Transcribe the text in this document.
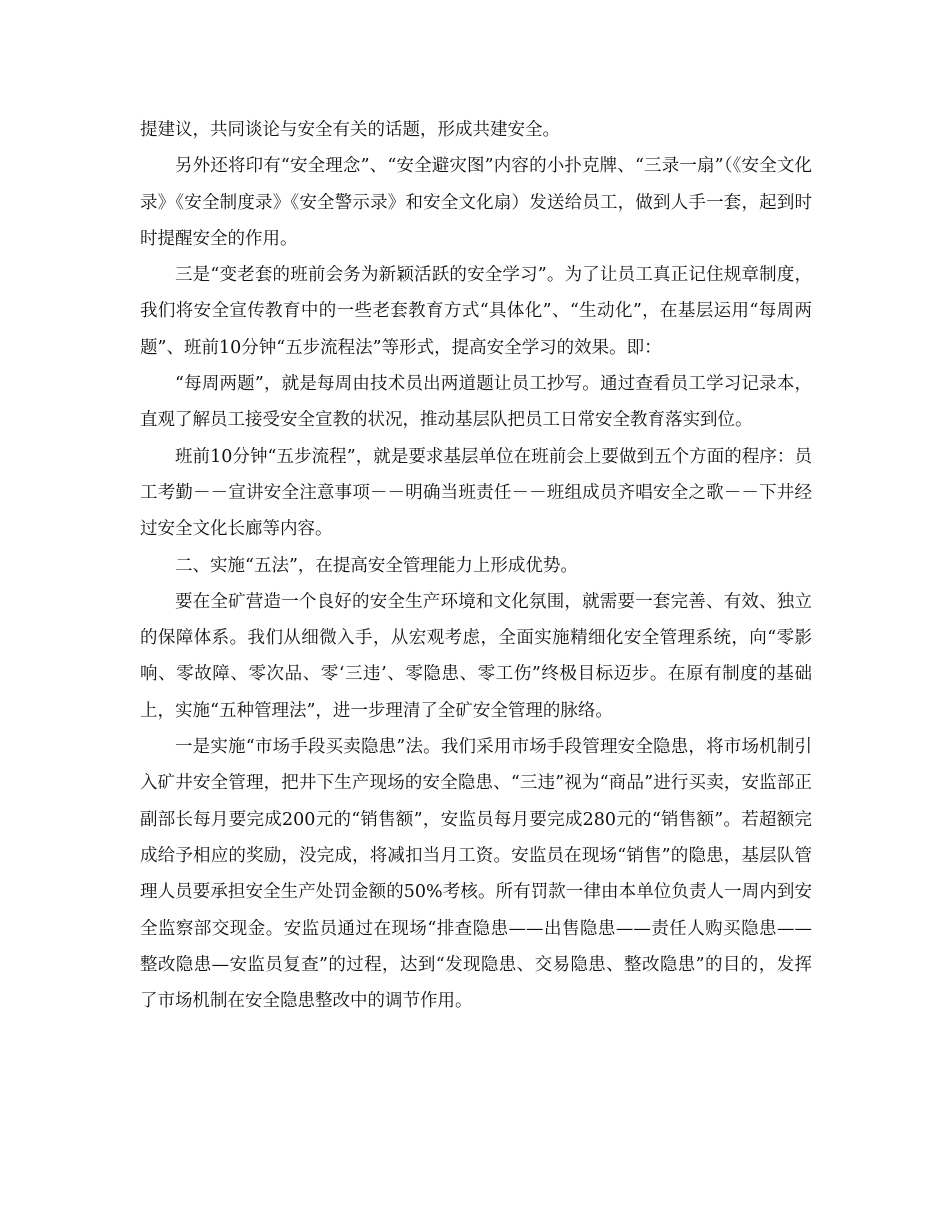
提建议，共同谈论与安全有关的话题，形成共建安全。

另外还将印有“安全理念”、“安全避灾图”内容的小扑克牌、“三录一扇”（《安全文化录》《安全制度录》《安全警示录》和安全文化扇）发送给员工，做到人手一套，起到时时提醒安全的作用。

三是“变老套的班前会务为新颖活跃的安全学习”。为了让员工真正记住规章制度，我们将安全宣传教育中的一些老套教育方式“具体化”、“生动化”，在基层运用“每周两题”、班前10分钟“五步流程法”等形式，提高安全学习的效果。即：

“每周两题”，就是每周由技术员出两道题让员工抄写。通过查看员工学习记录本，直观了解员工接受安全宣教的状况，推动基层队把员工日常安全教育落实到位。

班前10分钟“五步流程”，就是要求基层单位在班前会上要做到五个方面的程序：员工考勤－－宣讲安全注意事项－－明确当班责任－－班组成员齐唱安全之歌－－下井经过安全文化长廊等内容。

二、实施“五法”，在提高安全管理能力上形成优势。

要在全矿营造一个良好的安全生产环境和文化氛围，就需要一套完善、有效、独立的保障体系。我们从细微入手，从宏观考虑，全面实施精细化安全管理系统，向“零影响、零故障、零次品、零‘三违’、零隐患、零工伤”终极目标迈步。在原有制度的基础上，实施“五种管理法”，进一步理清了全矿安全管理的脉络。

一是实施“市场手段买卖隐患”法。我们采用市场手段管理安全隐患，将市场机制引入矿井安全管理，把井下生产现场的安全隐患、“三违”视为“商品”进行买卖，安监部正副部长每月要完成200元的“销售额”，安监员每月要完成280元的“销售额”。若超额完成给予相应的奖励，没完成，将减扣当月工资。安监员在现场“销售”的隐患，基层队管理人员要承担安全生产处罚金额的50%考核。所有罚款一律由本单位负责人一周内到安全监察部交现金。安监员通过在现场“排查隐患——出售隐患——责任人购买隐患——整改隐患—安监员复查”的过程，达到“发现隐患、交易隐患、整改隐患”的目的，发挥了市场机制在安全隐患整改中的调节作用。
